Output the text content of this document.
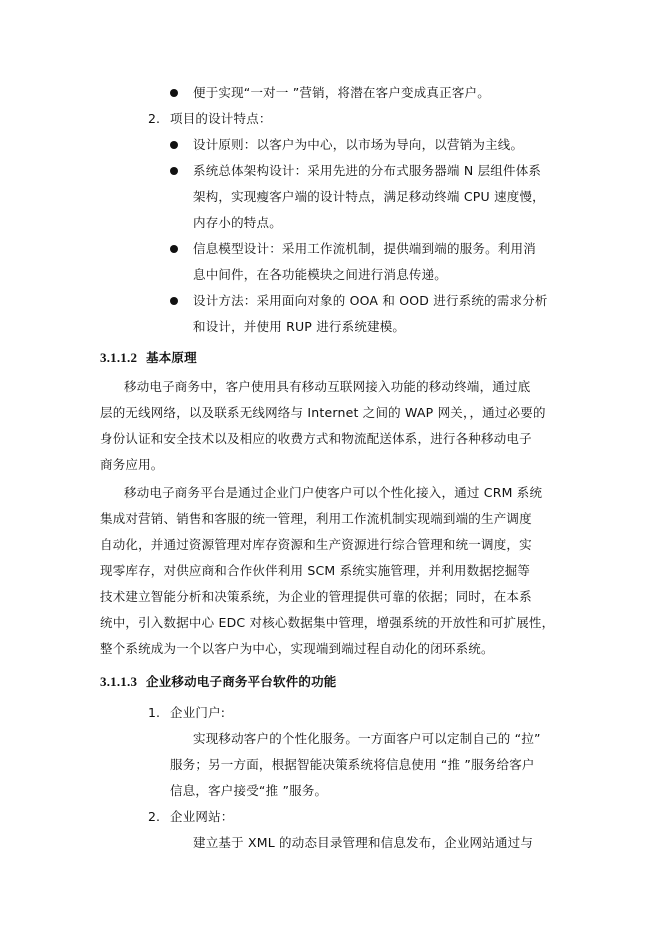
便于实现“一对一 ”营销，将潜在客户变成真正客户。
2. 项目的设计特点：
设计原则：以客户为中心，以市场为导向，以营销为主线。
系统总体架构设计：采用先进的分布式服务器端 N 层组件体系
架构，实现瘦客户端的设计特点，满足移动终端 CPU 速度慢，
内存小的特点。
信息模型设计：采用工作流机制，提供端到端的服务。利用消
息中间件，在各功能模块之间进行消息传递。
设计方法：采用面向对象的 OOA 和 OOD 进行系统的需求分析
和设计，并使用 RUP 进行系统建模。
3.1.1.2 基本原理
移动电子商务中，客户使用具有移动互联网接入功能的移动终端，通过底
层的无线网络，以及联系无线网络与 Internet 之间的 WAP 网关，，通过必要的
身份认证和安全技术以及相应的收费方式和物流配送体系，进行各种移动电子
商务应用。
移动电子商务平台是通过企业门户使客户可以个性化接入，通过 CRM 系统
集成对营销、销售和客服的统一管理，利用工作流机制实现端到端的生产调度
自动化，并通过资源管理对库存资源和生产资源进行综合管理和统一调度，实
现零库存，对供应商和合作伙伴利用 SCM 系统实施管理，并利用数据挖掘等
技术建立智能分析和决策系统，为企业的管理提供可靠的依据；同时，在本系
统中，引入数据中心 EDC 对核心数据集中管理，增强系统的开放性和可扩展性，
整个系统成为一个以客户为中心，实现端到端过程自动化的闭环系统。
3.1.1.3 企业移动电子商务平台软件的功能
1. 企业门户:
实现移动客户的个性化服务。一方面客户可以定制自己的 “拉”
服务；另一方面，根据智能决策系统将信息使用 “推 ”服务给客户
信息，客户接受“推 ”服务。
2. 企业网站：
建立基于 XML 的动态目录管理和信息发布，企业网站通过与
